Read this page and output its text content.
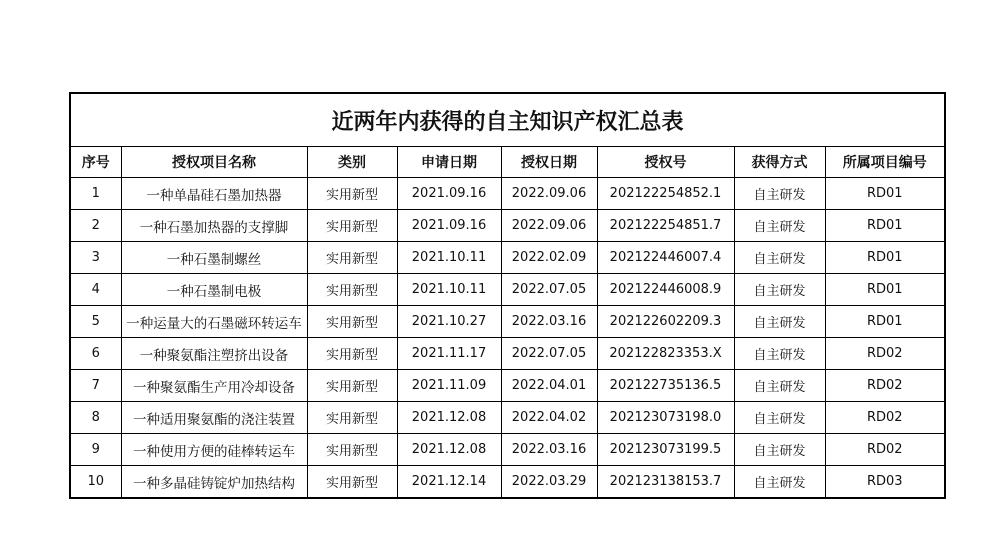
近两年内获得的自主知识产权汇总表							
序号	授权项目名称	类别	申请日期	授权日期	授权号	获得方式	所属项目编号
1	一种单晶硅石墨加热器	实用新型	2021.09.16	2022.09.06	202122254852.1	自主研发	RD01
2	一种石墨加热器的支撑脚	实用新型	2021.09.16	2022.09.06	202122254851.7	自主研发	RD01
3	一种石墨制螺丝	实用新型	2021.10.11	2022.02.09	202122446007.4	自主研发	RD01
4	一种石墨制电极	实用新型	2021.10.11	2022.07.05	202122446008.9	自主研发	RD01
5	一种运量大的石墨磁环转运车	实用新型	2021.10.27	2022.03.16	202122602209.3	自主研发	RD01
6	一种聚氨酯注塑挤出设备	实用新型	2021.11.17	2022.07.05	202122823353.X	自主研发	RD02
7	一种聚氨酯生产用冷却设备	实用新型	2021.11.09	2022.04.01	202122735136.5	自主研发	RD02
8	一种适用聚氨酯的浇注装置	实用新型	2021.12.08	2022.04.02	202123073198.0	自主研发	RD02
9	一种使用方便的硅棒转运车	实用新型	2021.12.08	2022.03.16	202123073199.5	自主研发	RD02
10	一种多晶硅铸锭炉加热结构	实用新型	2021.12.14	2022.03.29	202123138153.7	自主研发	RD03
